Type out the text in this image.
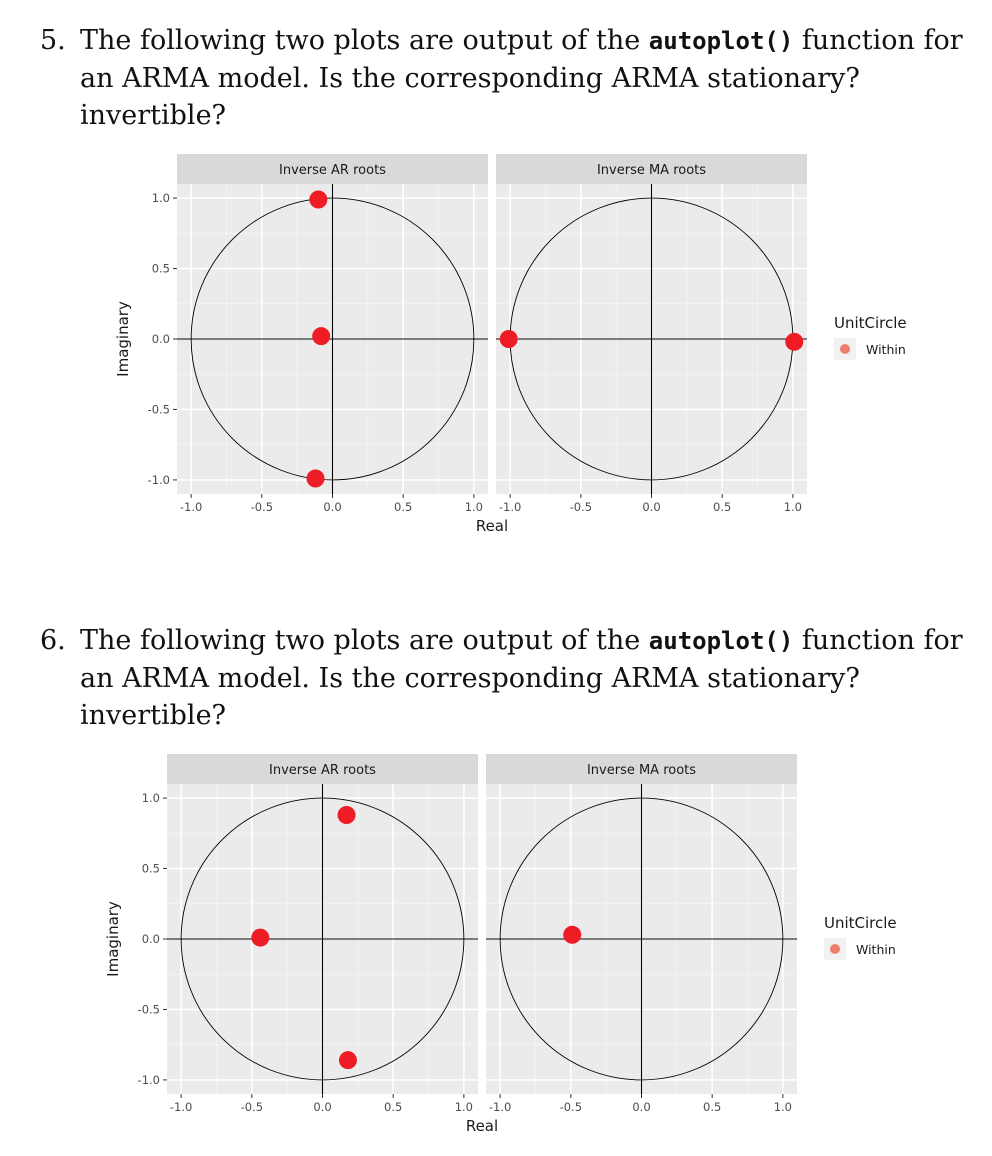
5. The following two plots are output of the autoplot() function for an ARMA model. Is the corresponding ARMA stationary? invertible?
Inverse AR roots
-1.0	-0.5	0.0	0.5	1.0
-1.0
-0.5
0.0
0.5
1.0
Inverse MA roots
-1.0	-0.5	0.0	0.5	1.0
Real
Imaginary	UnitCircle
Within
6. The following two plots are output of the autoplot() function for an ARMA model. Is the corresponding ARMA stationary? invertible?
Inverse AR roots
-1.0	-0.5	0.0	0.5	1.0
-1.0
-0.5
0.0
0.5
1.0
Inverse MA roots
-1.0	-0.5	0.0	0.5	1.0
Real
Imaginary	UnitCircle
Within
